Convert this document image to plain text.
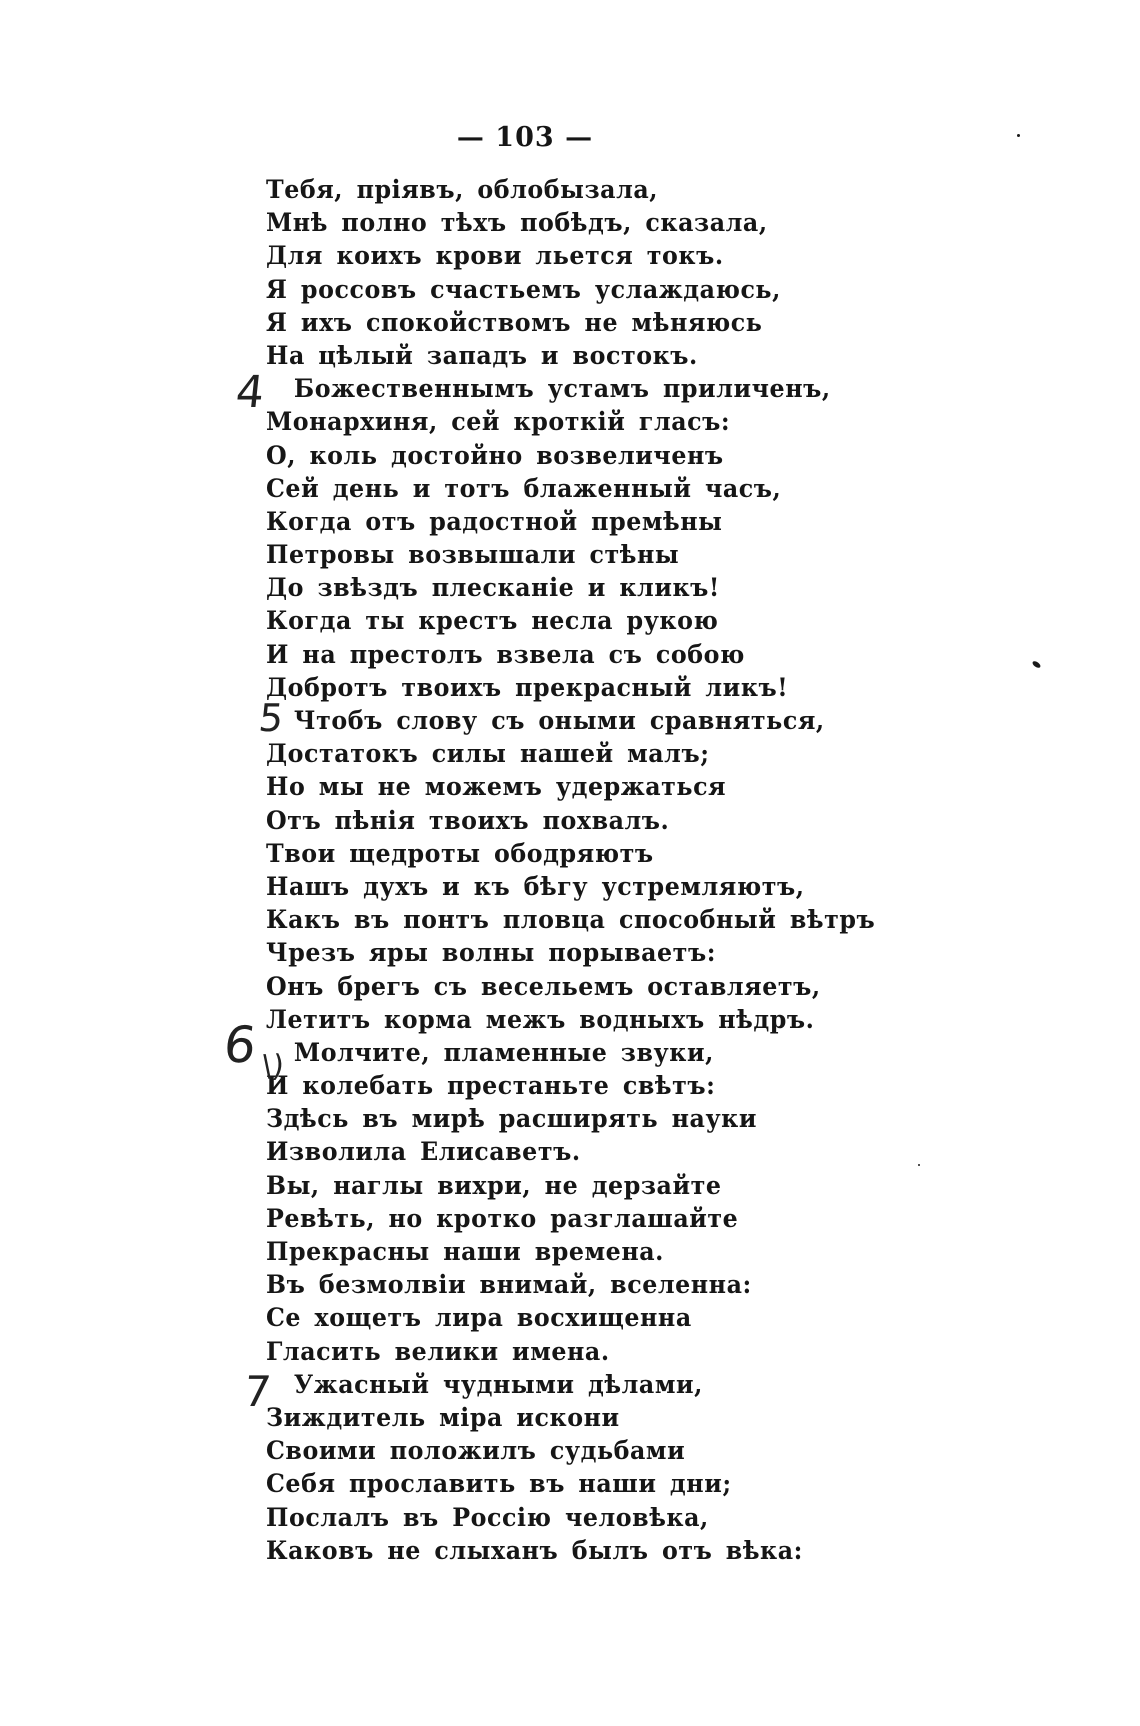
— 103 —
Тебя, пріявъ, облобызала,
Мнѣ полно тѣхъ побѣдъ, сказала,
Для коихъ крови льется токъ.
Я россовъ счастьемъ услаждаюсь,
Я ихъ спокойствомъ не мѣняюсь
На цѣлый западъ и востокъ.
Божественнымъ устамъ приличенъ,
Монархиня, сей кроткій гласъ:
О, коль достойно возвеличенъ
Сей день и тотъ блаженный часъ,
Когда отъ радостной премѣны
Петровы возвышали стѣны
До звѣздъ плесканіе и кликъ!
Когда ты крестъ несла рукою
И на престолъ взвела съ собою
Добротъ твоихъ прекрасный ликъ!
Чтобъ слову съ оными сравняться,
Достатокъ силы нашей малъ;
Но мы не можемъ удержаться
Отъ пѣнія твоихъ похвалъ.
Твои щедроты ободряютъ
Нашъ духъ и къ бѣгу устремляютъ,
Какъ въ понтъ пловца способный вѣтръ
Чрезъ яры волны порываетъ:
Онъ брегъ съ весельемъ оставляетъ,
Летитъ корма межъ водныхъ нѣдръ.
Молчите, пламенные звуки,
И колебать престаньте свѣтъ:
Здѣсь въ мирѣ расширять науки
Изволила Елисаветъ.
Вы, наглы вихри, не дерзайте
Ревѣть, но кротко разглашайте
Прекрасны наши времена.
Въ безмолвіи внимай, вселенна:
Се хощетъ лира восхищенна
Гласить велики имена.
Ужасный чудными дѣлами,
Зиждитель міра искони
Своими положилъ судьбами
Себя прославить въ наши дни;
Послалъ въ Россію человѣка,
Каковъ не слыханъ былъ отъ вѣка:
4
5
6 \)
7
